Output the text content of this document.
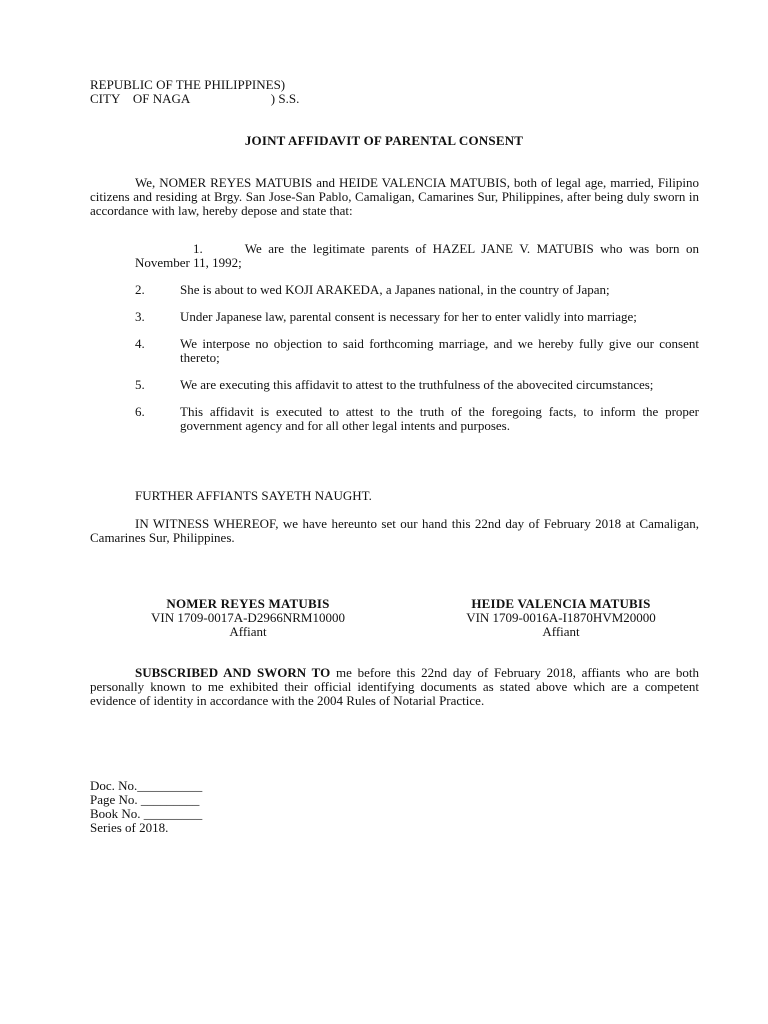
REPUBLIC OF THE PHILIPPINES)
CITY    OF NAGA                         ) S.S.
JOINT AFFIDAVIT OF PARENTAL CONSENT
We, NOMER REYES MATUBIS and HEIDE VALENCIA MATUBIS, both of legal age, married, Filipino citizens and residing at Brgy. San Jose-San Pablo, Camaligan, Camarines Sur, Philippines, after being duly sworn in accordance with law, hereby depose and state that:
1.	We are the legitimate parents of HAZEL JANE V. MATUBIS who was born on November 11, 1992;
2.	She is about to wed KOJI ARAKEDA, a Japanes national, in the country of Japan;
3.	Under Japanese law, parental consent is necessary for her to enter validly into marriage;
4.	We interpose no objection to said forthcoming marriage, and we hereby fully give our consent thereto;
5.	We are executing this affidavit to attest to the truthfulness of the abovecited circumstances;
6.	This affidavit is executed to attest to the truth of the foregoing facts, to inform the proper government agency and for all other legal intents and purposes.
FURTHER AFFIANTS SAYETH NAUGHT.
IN WITNESS WHEREOF, we have hereunto set our hand this 22nd day of February 2018 at Camaligan, Camarines Sur, Philippines.
NOMER REYES MATUBIS
VIN 1709-0017A-D2966NRM10000
Affiant
HEIDE VALENCIA MATUBIS
VIN 1709-0016A-I1870HVM20000
Affiant
SUBSCRIBED AND SWORN TO me before this 22nd day of February 2018, affiants who are both personally known to me exhibited their official identifying documents as stated above which are a competent evidence of identity in accordance with the 2004 Rules of Notarial Practice.
Doc. No.__________
Page No. _________
Book No. _________
Series of 2018.
